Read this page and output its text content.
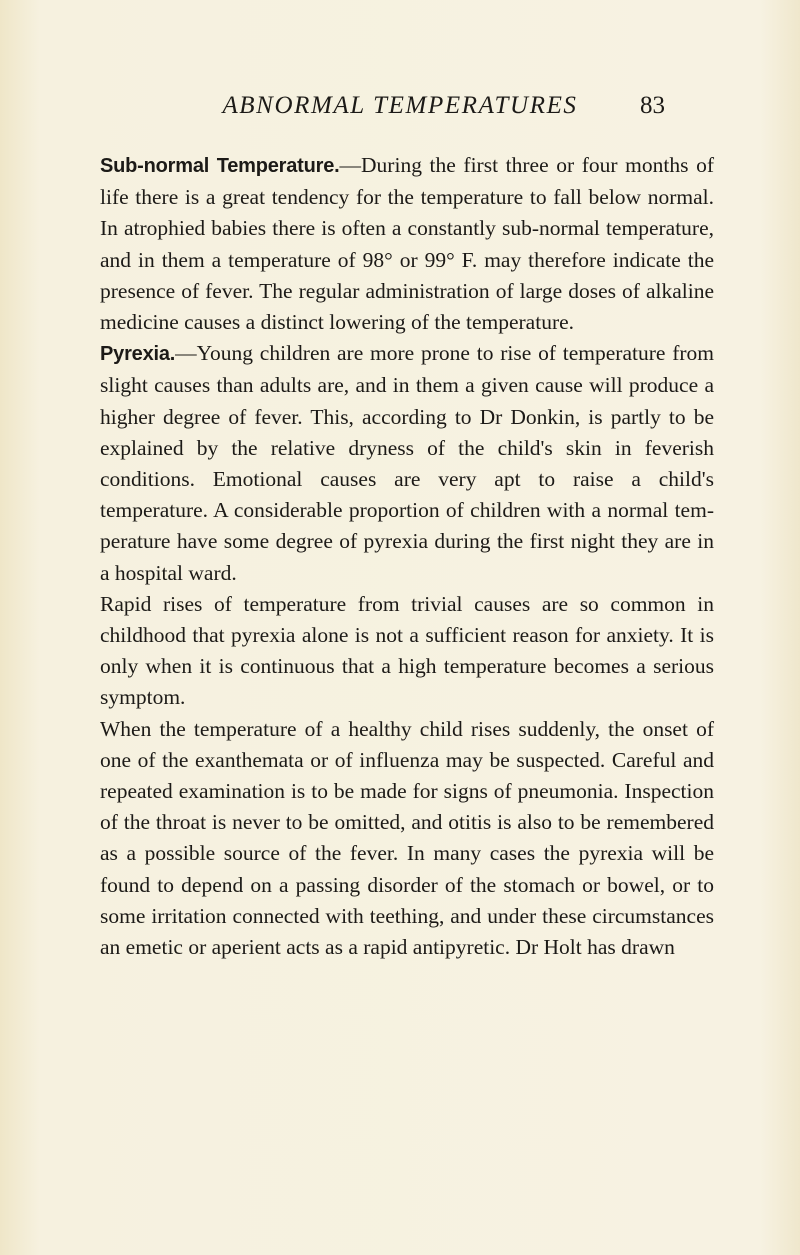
ABNORMAL TEMPERATURES	83

Sub-normal Temperature.—During the first three or four months of life there is a great tendency for the temperature to fall below normal. In atrophied babies there is often a constantly sub-normal temperature, and in them a temperature of 98° or 99° F. may therefore indicate the presence of fever. The regular administration of large doses of alkaline medicine causes a distinct lowering of the temperature.

Pyrexia.—Young children are more prone to rise of temperature from slight causes than adults are, and in them a given cause will produce a higher degree of fever. This, according to Dr Donkin, is partly to be explained by the relative dryness of the child's skin in feverish conditions. Emotional causes are very apt to raise a child's temperature. A considerable proportion of children with a normal tem-perature have some degree of pyrexia during the first night they are in a hospital ward.

Rapid rises of temperature from trivial causes are so common in childhood that pyrexia alone is not a sufficient reason for anxiety. It is only when it is continuous that a high temperature becomes a serious symptom.

When the temperature of a healthy child rises suddenly, the onset of one of the exanthemata or of influenza may be suspected. Careful and repeated examination is to be made for signs of pneumonia. Inspection of the throat is never to be omitted, and otitis is also to be remembered as a possible source of the fever. In many cases the pyrexia will be found to depend on a passing disorder of the stomach or bowel, or to some irritation connected with teething, and under these circumstances an emetic or aperient acts as a rapid antipyretic. Dr Holt has drawn
